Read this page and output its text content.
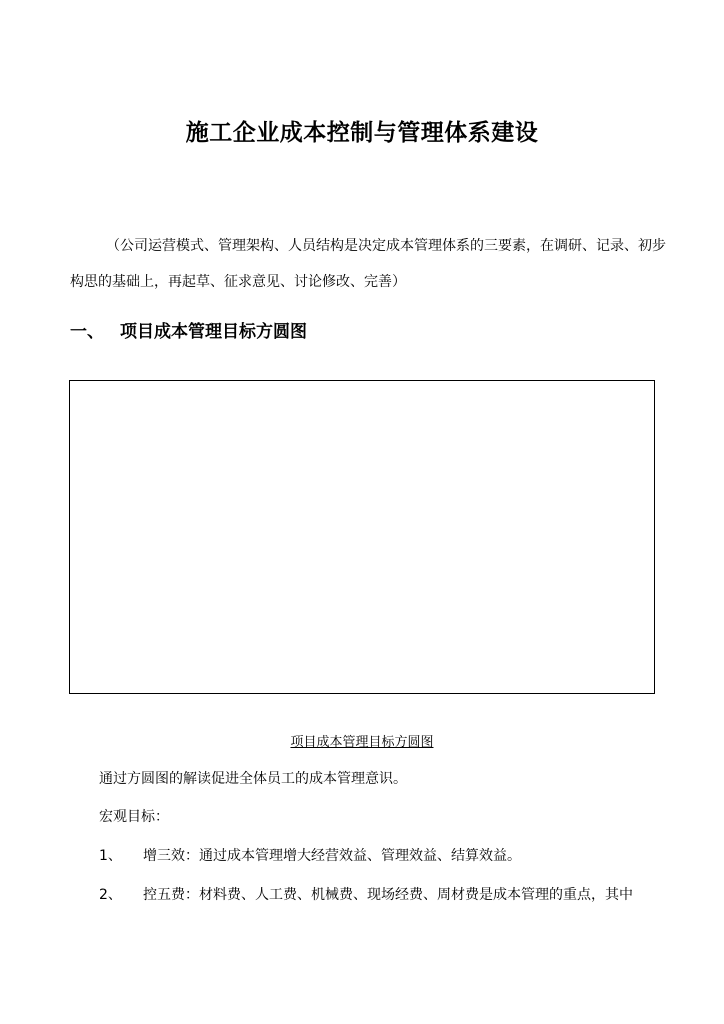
施工企业成本控制与管理体系建设
（公司运营模式、管理架构、人员结构是决定成本管理体系的三要素，在调研、记录、初步构思的基础上，再起草、征求意见、讨论修改、完善）
一、 项目成本管理目标方圆图
项目成本管理目标方圆图
通过方圆图的解读促进全体员工的成本管理意识。
宏观目标：
1、 增三效：通过成本管理增大经营效益、管理效益、结算效益。
2、 控五费：材料费、人工费、机械费、现场经费、周材费是成本管理的重点，其中
